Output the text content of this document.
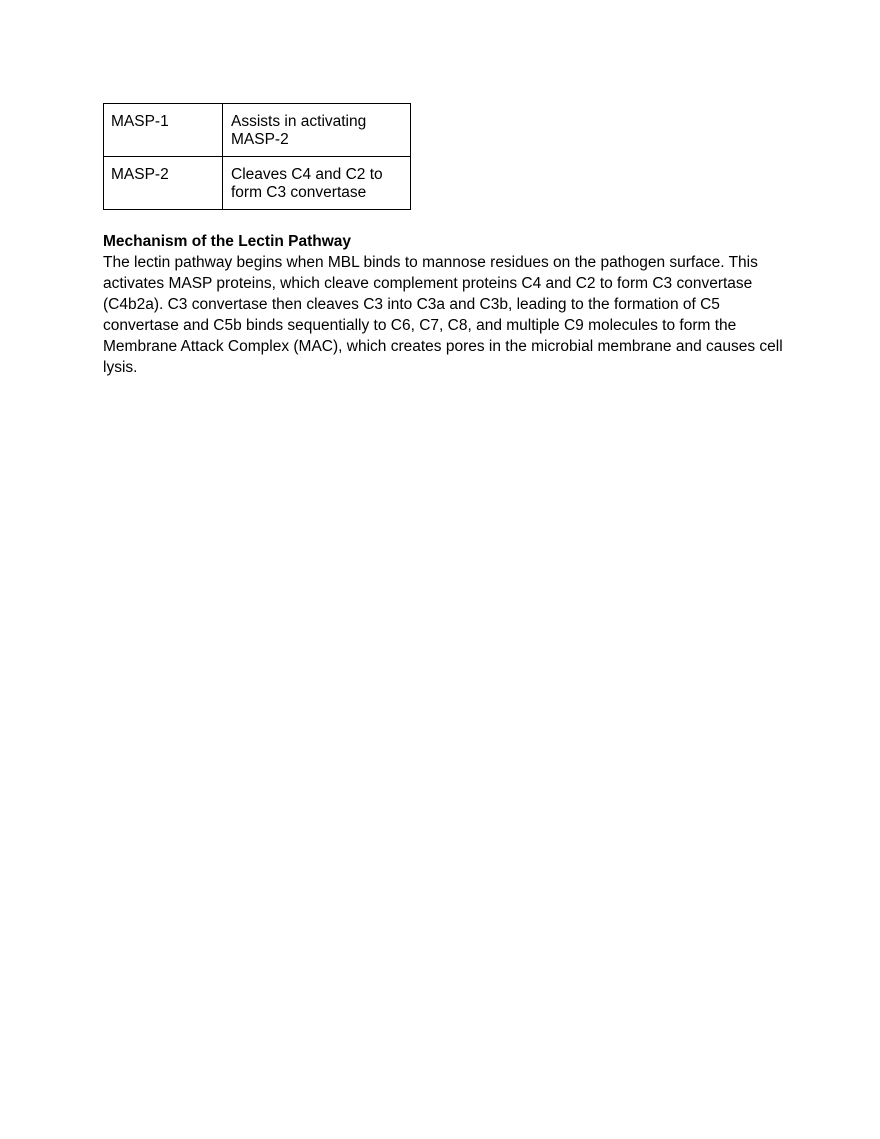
MASP-1	Assists in activating MASP-2
MASP-2	Cleaves C4 and C2 to form C3 convertase
Mechanism of the Lectin Pathway

The lectin pathway begins when MBL binds to mannose residues on the pathogen surface. This activates MASP proteins, which cleave complement proteins C4 and C2 to form C3 convertase (C4b2a). C3 convertase then cleaves C3 into C3a and C3b, leading to the formation of C5 convertase and C5b binds sequentially to C6, C7, C8, and multiple C9 molecules to form the Membrane Attack Complex (MAC), which creates pores in the microbial membrane and causes cell lysis.
